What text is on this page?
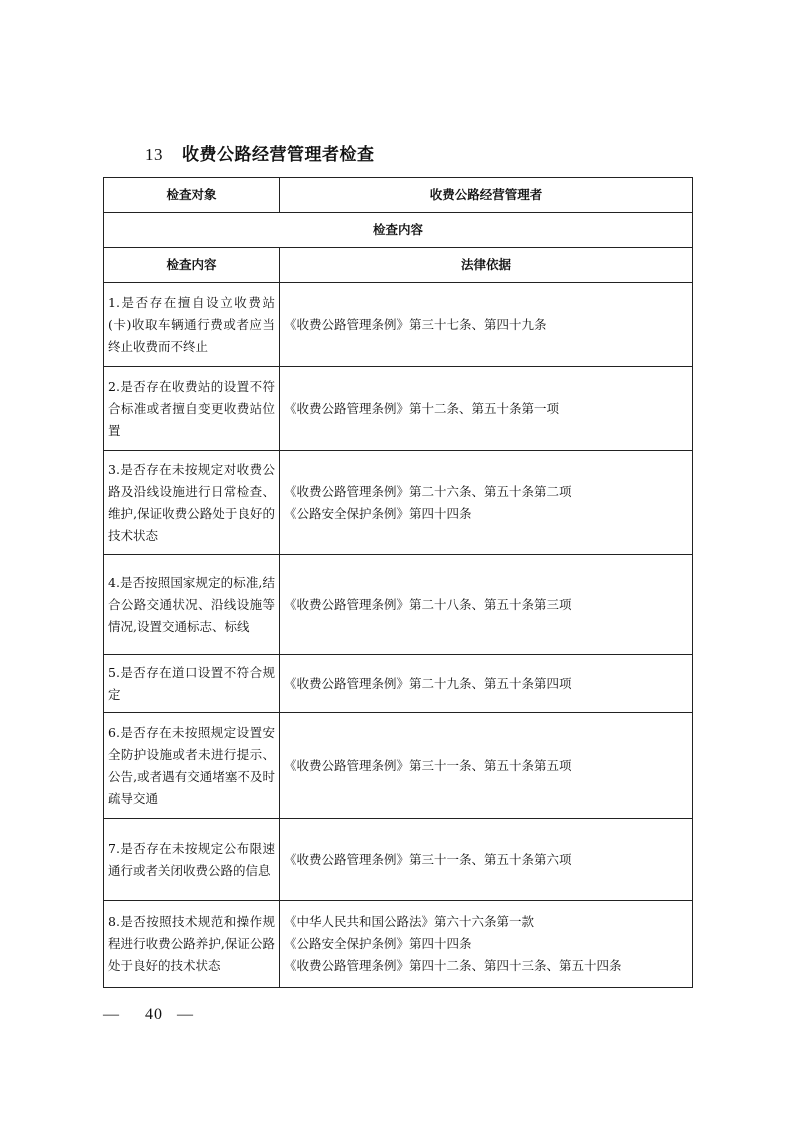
13 收费公路经营管理者检查
检查对象	收费公路经营管理者
检查内容	
检查内容	法律依据
1.是否存在擅自设立收费站(卡)收取车辆通行费或者应当终止收费而不终止	《收费公路管理条例》第三十七条、第四十九条

2.是否存在收费站的设置不符合标准或者擅自变更收费站位置	《收费公路管理条例》第十二条、第五十条第一项

3.是否存在未按规定对收费公路及沿线设施进行日常检查、维护,保证收费公路处于良好的技术状态	《收费公路管理条例》第二十六条、第五十条第二项
《公路安全保护条例》第四十四条

4.是否按照国家规定的标准,结合公路交通状况、沿线设施等情况,设置交通标志、标线	《收费公路管理条例》第二十八条、第五十条第三项

5.是否存在道口设置不符合规定	《收费公路管理条例》第二十九条、第五十条第四项

6.是否存在未按照规定设置安全防护设施或者未进行提示、公告,或者遇有交通堵塞不及时疏导交通	《收费公路管理条例》第三十一条、第五十条第五项

7.是否存在未按规定公布限速通行或者关闭收费公路的信息	《收费公路管理条例》第三十一条、第五十条第六项

8.是否按照技术规范和操作规程进行收费公路养护,保证公路处于良好的技术状态	《中华人民共和国公路法》第六十六条第一款
《公路安全保护条例》第四十四条
《收费公路管理条例》第四十二条、第四十三条、第五十四条
— 40 —
